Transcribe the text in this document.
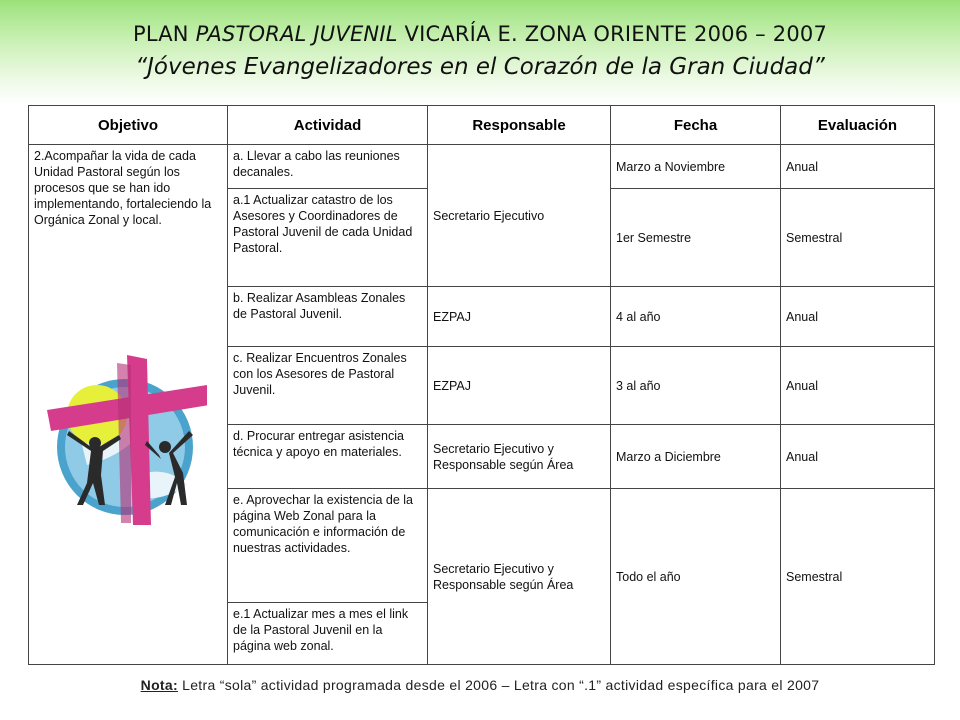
PLAN PASTORAL JUVENIL VICARÍA E. ZONA ORIENTE 2006 – 2007
“Jóvenes Evangelizadores en el Corazón de la Gran Ciudad”
Objetivo	Actividad	Responsable	Fecha	Evaluación

2.Acompañar la vida de cada Unidad Pastoral según los procesos que se han ido implementando, fortaleciendo la Orgánica Zonal y local.	a. Llevar a cabo las reuniones decanales.	Secretario Ejecutivo	Marzo a Noviembre	Anual
	a.1 Actualizar catastro de los Asesores y Coordinadores de Pastoral Juvenil de cada Unidad Pastoral.		1er Semestre	Semestral
	b. Realizar Asambleas Zonales de Pastoral Juvenil.	EZPAJ	4 al año	Anual
	c. Realizar Encuentros Zonales con los Asesores de Pastoral Juvenil.	EZPAJ	3 al año	Anual
	d. Procurar entregar asistencia técnica y apoyo en materiales.	Secretario Ejecutivo y Responsable según Área	Marzo a Diciembre	Anual
	e. Aprovechar la existencia de la página Web Zonal para la comunicación e información de nuestras actividades.	Secretario Ejecutivo y Responsable según Área	Todo el año	Semestral
	e.1 Actualizar mes a mes el link de la Pastoral Juvenil en la página web zonal.			
Nota: Letra “sola” actividad programada desde el 2006 – Letra con “.1” actividad específica para el 2007
